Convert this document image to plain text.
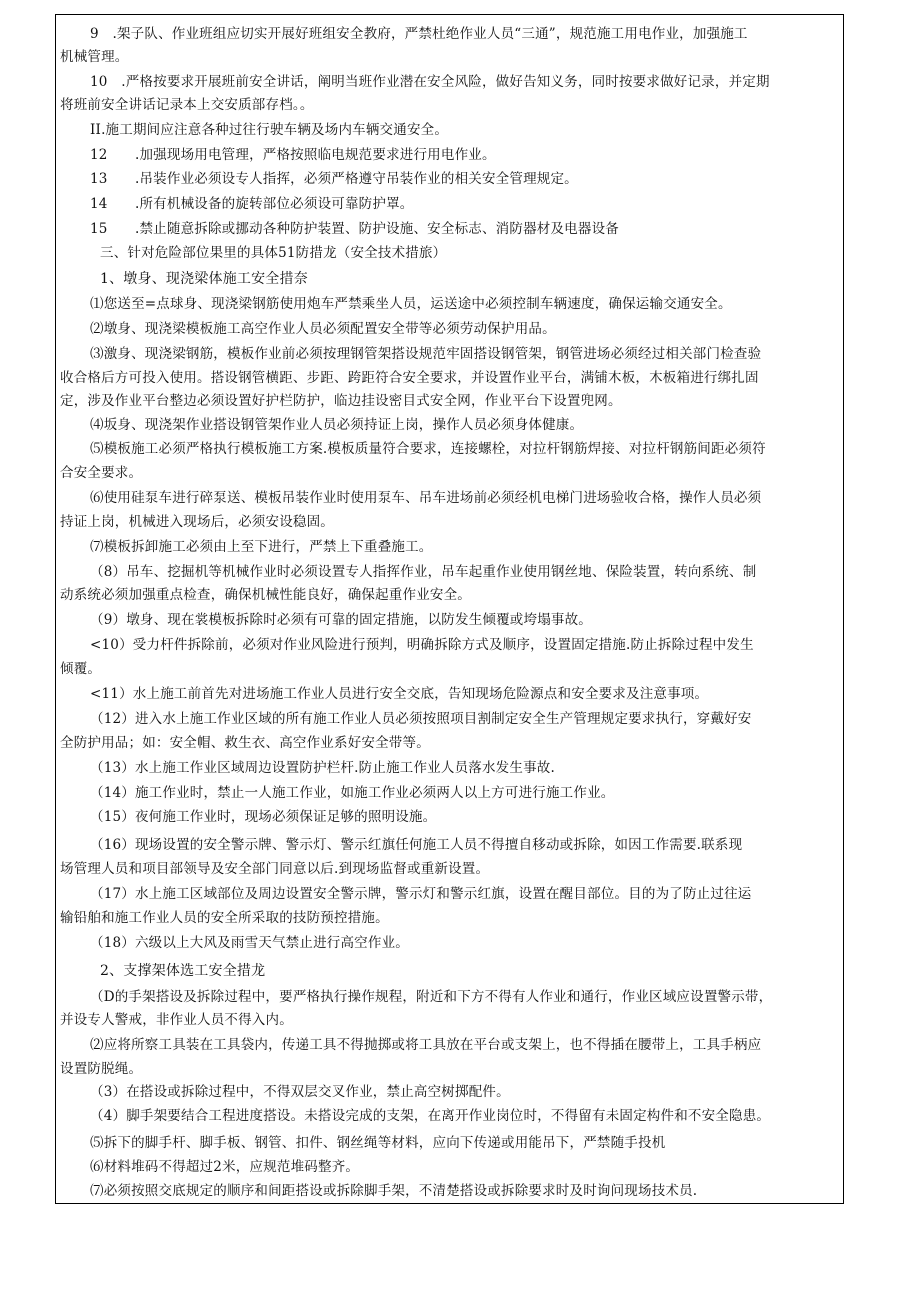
9　.架子队、作业班组应切实开展好班组安全教府，严禁杜绝作业人员“三通”，规范施工用电作业，加强施工
机械管理。
10　.严格按要求开展班前安全讲话，阐明当班作业潜在安全风险，做好告知义务，同时按要求做好记录，并定期
将班前安全讲话记录本上交安质部存档。。
II.施工期间应注意各种过往行驶车辆及场内车辆交通安全。
12　　.加强现场用电管理，严格按照临电规范要求进行用电作业。
13　　.吊装作业必须设专人指挥，必须严格遵守吊装作业的相关安全管理规定。
14　　.所有机械设备的旋转部位必须设可靠防护罩。
15　　.禁止随意拆除或挪动各种防护装置、防护设施、安全标志、消防器材及电器设备
三、针对危险部位果里的具体51防措龙（安全技术措旅）
1、墩身、现浇梁体施工安全措奈
⑴您送至=点球身、现浇梁钢筋使用炮车严禁乘坐人员，运送途中必须控制车辆速度，确保运输交通安全。
⑵墩身、现浇梁模板施工高空作业人员必须配置安全带等必须劳动保护用品。
⑶激身、现浇梁钢筋，模板作业前必须按理钢管架搭设规范牢固搭设钢管架，钢管进场必须经过相关部门检查验
收合格后方可投入使用。搭设钢管横距、步距、跨距符合安全要求，并设置作业平台，满铺木板，木板箱进行绑扎固
定，涉及作业平台整边必须设置好护栏防护，临边挂设密目式安全网，作业平台下设置兜网。
⑷坂身、现浇架作业搭设钢管架作业人员必须持证上岗，操作人员必须身体健康。
⑸模板施工必须严格执行模板施工方案.模板质量符合要求，连接螺栓，对拉杆钢筋焊接、对拉杆钢筋间距必须符
合安全要求。
⑹使用硅泵车进行碎泵送、模板吊装作业时使用泵车、吊车进场前必须经机电梯门进场验收合格，操作人员必须
持证上岗，机械进入现场后，必须安设稳固。
⑺模板拆卸施工必须由上至下进行，严禁上下重叠施工。
（8）吊车、挖掘机等机械作业时必须设置专人指挥作业，吊车起重作业使用钢丝地、保险装置，转向系统、制
动系统必须加强重点检查，确保机械性能良好，确保起重作业安全。
（9）墩身、现在裳模板拆除时必须有可靠的固定措施，以防发生倾覆或垮塌事故。
<10）受力杆件拆除前，必须对作业风险进行预判，明确拆除方式及顺序，设置固定措施.防止拆除过程中发生
倾覆。
<11）水上施工前首先对进场施工作业人员进行安全交底，告知现场危险源点和安全要求及注意事项。
（12）进入水上施工作业区域的所有施工作业人员必须按照项目割制定安全生产管理规定要求执行，穿戴好安
全防护用品；如：安全帽、救生衣、高空作业系好安全带等。
（13）水上施工作业区域周边设置防护栏杆.防止施工作业人员落水发生事故.
（14）施工作业时，禁止一人施工作业，如施工作业必须两人以上方可进行施工作业。
（15）夜何施工作业时，现场必须保证足够的照明设施。
（16）现场设置的安全警示牌、警示灯、警示红旗任何施工人员不得擅自移动或拆除，如因工作需要.联系现
场管理人员和项目部领导及安全部门同意以后.到现场监督或重新设置。
（17）水上施工区域部位及周边设置安全警示牌，警示灯和警示红旗，设置在醒目部位。目的为了防止过往运
输铅舶和施工作业人员的安全所采取的技防预控措施。
（18）六级以上大风及雨雪天气禁止进行高空作业。
2、支撑架体选工安全措龙
（D的手架搭设及拆除过程中，要严格执行操作规程，附近和下方不得有人作业和通行，作业区域应设置警示带，
并设专人警戒，非作业人员不得入内。
⑵应将所察工具装在工具袋内，传递工具不得抛掷或将工具放在平台或支架上，也不得插在腰带上，工具手柄应
设置防脱绳。
（3）在搭设或拆除过程中，不得双层交叉作业，禁止高空树掷配件。
（4）脚手架要结合工程进度搭设。未搭设完成的支架，在离开作业岗位时，不得留有未固定构件和不安全隐患。
⑸拆下的脚手杆、脚手板、钢管、扣件、钢丝绳等材料，应向下传递或用能吊下，严禁随手投机
⑹材料堆码不得超过2米，应规范堆码整齐。
⑺必须按照交底规定的顺序和间距搭设或拆除脚手架，不清楚搭设或拆除要求时及时询问现场技术员.
